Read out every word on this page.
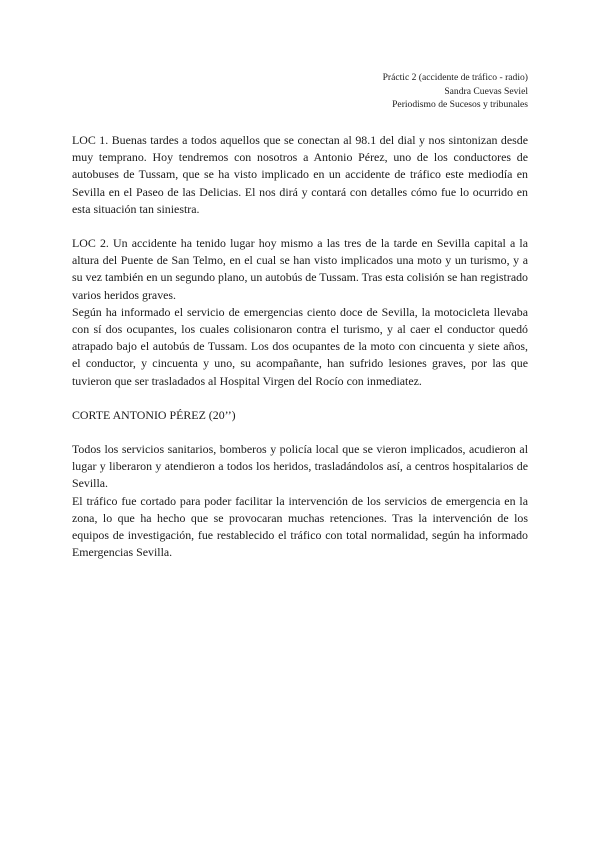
Práctic 2 (accidente de tráfico - radio)
Sandra Cuevas Seviel
Periodismo de Sucesos y tribunales

LOC 1. Buenas tardes a todos aquellos que se conectan al 98.1 del dial y nos sintonizan desde muy temprano. Hoy tendremos con nosotros a Antonio Pérez, uno de los conductores de autobuses de Tussam, que se ha visto implicado en un accidente de tráfico este mediodía en Sevilla en el Paseo de las Delicias. El nos dirá y contará con detalles cómo fue lo ocurrido en esta situación tan siniestra.

LOC 2. Un accidente ha tenido lugar hoy mismo a las tres de la tarde en Sevilla capital a la altura del Puente de San Telmo, en el cual se han visto implicados una moto y un turismo, y a su vez también en un segundo plano, un autobús de Tussam. Tras esta colisión se han registrado varios heridos graves.

Según ha informado el servicio de emergencias ciento doce de Sevilla, la motocicleta llevaba con sí dos ocupantes, los cuales colisionaron contra el turismo, y al caer el conductor quedó atrapado bajo el autobús de Tussam. Los dos ocupantes de la moto con cincuenta y siete años, el conductor, y cincuenta y uno, su acompañante, han sufrido lesiones graves, por las que tuvieron que ser trasladados al Hospital Virgen del Rocío con inmediatez.

CORTE ANTONIO PÉREZ (20’’)

Todos los servicios sanitarios, bomberos y policía local que se vieron implicados, acudieron al lugar y liberaron y atendieron a todos los heridos, trasladándolos así, a centros hospitalarios de Sevilla.

El tráfico fue cortado para poder facilitar la intervención de los servicios de emergencia en la zona, lo que ha hecho que se provocaran muchas retenciones. Tras la intervención de los equipos de investigación, fue restablecido el tráfico con total normalidad, según ha informado Emergencias Sevilla.
